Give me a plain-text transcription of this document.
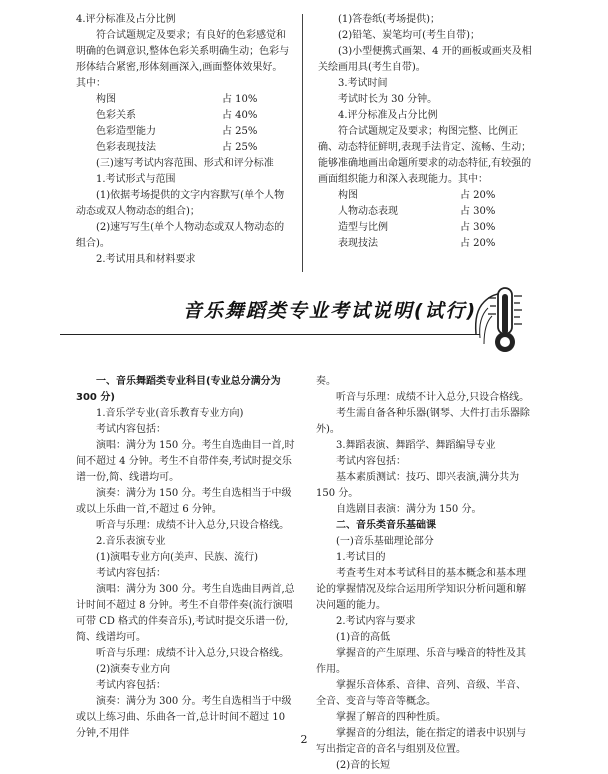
4.评分标准及占分比例

符合试题规定及要求；有良好的色彩感觉和明确的色调意识,整体色彩关系明确生动；色彩与形体结合紧密,形体刻画深入,画面整体效果好。其中：

构图	占 10%
色彩关系	占 40%
色彩造型能力	占 25%
色彩表现技法	占 25%

(三)速写考试内容范围、形式和评分标准

1.考试形式与范围

(1)依据考场提供的文字内容默写(单个人物动态或双人物动态的组合)；

(2)速写写生(单个人物动态或双人物动态的组合)。

2.考试用具和材料要求

(1)答卷纸(考场提供)；

(2)铅笔、炭笔均可(考生自带)；

(3)小型便携式画架、4 开的画板或画夹及相关绘画用具(考生自带)。

3.考试时间

考试时长为 30 分钟。

4.评分标准及占分比例

符合试题规定及要求；构图完整、比例正确、动态特征鲜明,表现手法肯定、流畅、生动；能够准确地画出命题所要求的动态特征,有较强的画面组织能力和深入表现能力。其中：

构图	占 20%
人物动态表现	占 30%
造型与比例	占 30%
表现技法	占 20%
音乐舞蹈类专业考试说明(试行)

一、音乐舞蹈类专业科目(专业总分满分为 300 分)

1.音乐学专业(音乐教育专业方向)

考试内容包括：

演唱：满分为 150 分。考生自选曲目一首,时间不超过 4 分钟。考生不自带伴奏,考试时提交乐谱一份,简、线谱均可。

演奏：满分为 150 分。考生自选相当于中级或以上乐曲一首,不超过 6 分钟。

听音与乐理：成绩不计入总分,只设合格线。

2.音乐表演专业

(1)演唱专业方向(美声、民族、流行)

考试内容包括：

演唱：满分为 300 分。考生自选曲目两首,总计时间不超过 8 分钟。考生不自带伴奏(流行演唱可带 CD 格式的伴奏音乐),考试时提交乐谱一份,简、线谱均可。

听音与乐理：成绩不计入总分,只设合格线。

(2)演奏专业方向

考试内容包括：

演奏：满分为 300 分。考生自选相当于中级或以上练习曲、乐曲各一首,总计时间不超过 10 分钟,不用伴

奏。

听音与乐理：成绩不计入总分,只设合格线。

考生需自备各种乐器(钢琴、大件打击乐器除外)。

3.舞蹈表演、舞蹈学、舞蹈编导专业

考试内容包括：

基本素质测试：技巧、即兴表演,满分共为 150 分。

自选剧目表演：满分为 150 分。

二、音乐类音乐基础课

(一)音乐基础理论部分

1.考试目的

考查考生对本考试科目的基本概念和基本理论的掌握情况及综合运用所学知识分析问题和解决问题的能力。

2.考试内容与要求

(1)音的高低

掌握音的产生原理、乐音与噪音的特性及其作用。

掌握乐音体系、音律、音列、音级、半音、全音、变音与等音等概念。

掌握了解音的四种性质。

掌握音的分组法，能在指定的谱表中识别与写出指定音的音名与组别及位置。

(2)音的长短

2
